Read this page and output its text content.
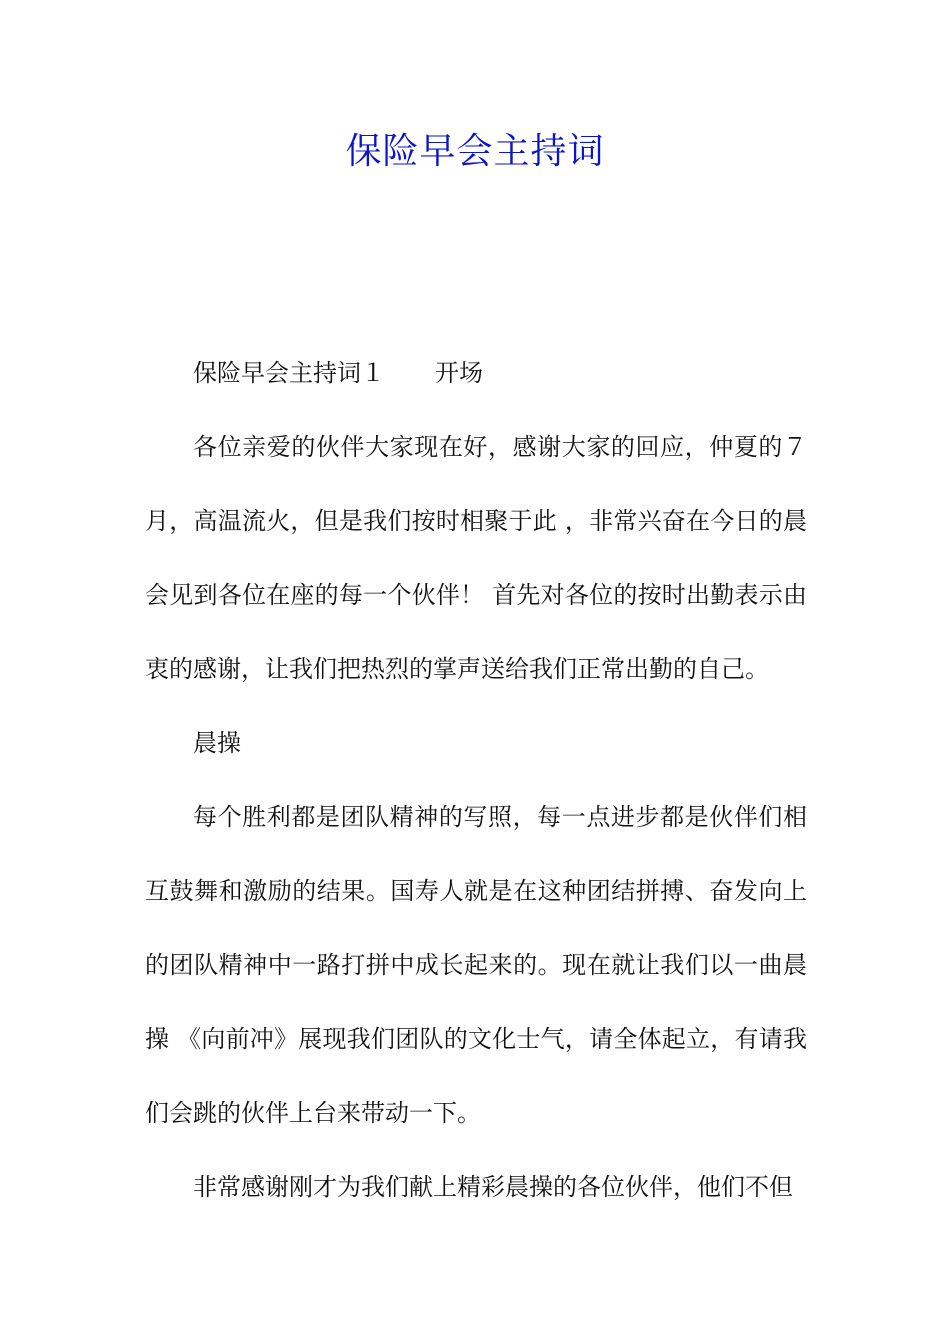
保险早会主持词

保险早会主持词１ 开场

各位亲爱的伙伴大家现在好，感谢大家的回应，仲夏的７月，高温流火，但是我们按时相聚于此 ，非常兴奋在今日的晨会见到各位在座的每一个伙伴！ 首先对各位的按时出勤表示由衷的感谢，让我们把热烈的掌声送给我们正常出勤的自己。

晨操

每个胜利都是团队精神的写照，每一点进步都是伙伴们相互鼓舞和激励的结果。国寿人就是在这种团结拼搏、奋发向上的团队精神中一路打拼中成长起来的。现在就让我们以一曲晨操 《向前冲》展现我们团队的文化士气，请全体起立，有请我们会跳的伙伴上台来带动一下。

非常感谢刚才为我们献上精彩晨操的各位伙伴，他们不但
